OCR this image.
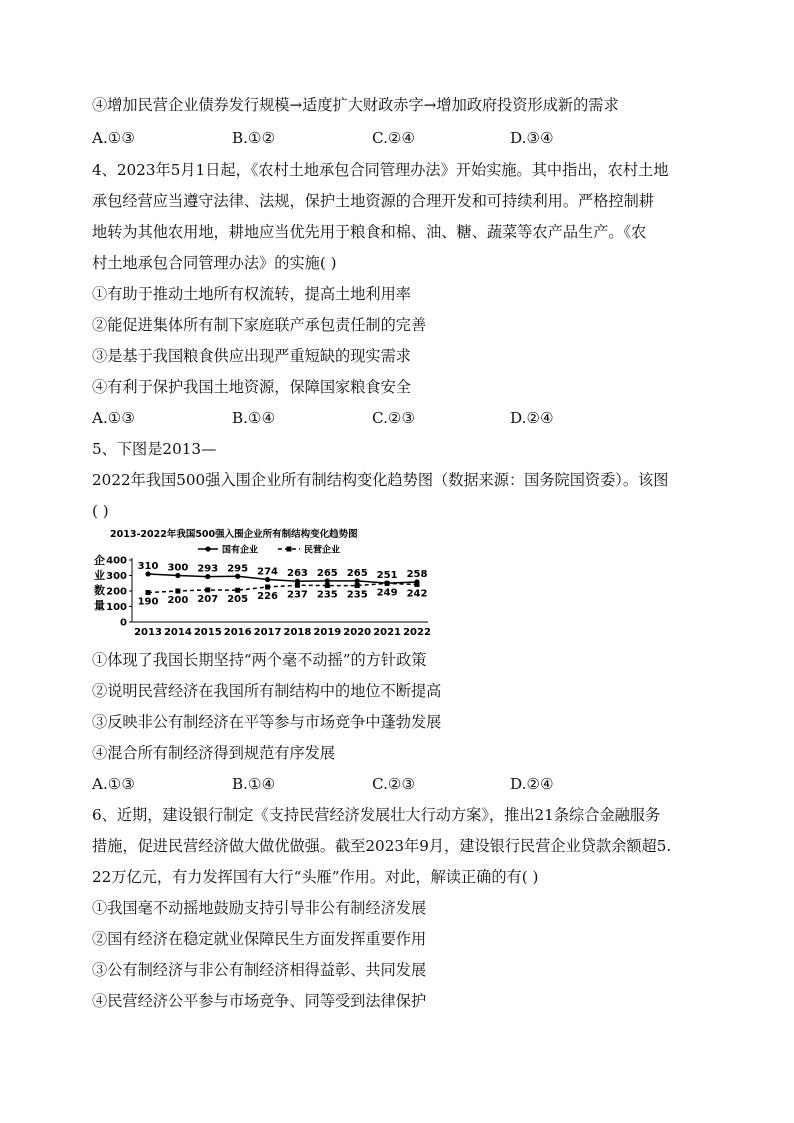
④增加民营企业债券发行规模→适度扩大财政赤字→增加政府投资形成新的需求
A.①③	B.①②	C.②④	D.③④
4、2023年5月1日起，《农村土地承包合同管理办法》开始实施。其中指出，农村土地
承包经营应当遵守法律、法规，保护土地资源的合理开发和可持续利用。严格控制耕
地转为其他农用地，耕地应当优先用于粮食和棉、油、糖、蔬菜等农产品生产。《农
村土地承包合同管理办法》的实施( )
①有助于推动土地所有权流转，提高土地利用率
②能促进集体所有制下家庭联产承包责任制的完善
③是基于我国粮食供应出现严重短缺的现实需求
④有利于保护我国土地资源，保障国家粮食安全
A.①③	B.①④	C.②③	D.②④
5、下图是2013—
2022年我国500强入围企业所有制结构变化趋势图（数据来源：国务院国资委）。该图
( )
2013-2022年我国500强入围企业所有制结构变化趋势图
企
业
数
量
0
100
200
300
400
2013 2014 2015 2016 2017 2018 2019 2020 2021 2022
国有企业	民营企业
310 300 293 295 274 263 265 265 251 258
190 200 207 205 226 237 235 235 249 242
①体现了我国长期坚持“两个毫不动摇”的方针政策
②说明民营经济在我国所有制结构中的地位不断提高
③反映非公有制经济在平等参与市场竞争中蓬勃发展
④混合所有制经济得到规范有序发展
A.①③	B.①④	C.②③	D.②④
6、近期，建设银行制定《支持民营经济发展壮大行动方案》，推出21条综合金融服务
措施，促进民营经济做大做优做强。截至2023年9月，建设银行民营企业贷款余额超5.
22万亿元，有力发挥国有大行“头雁”作用。对此，解读正确的有( )
①我国毫不动摇地鼓励支持引导非公有制经济发展
②国有经济在稳定就业保障民生方面发挥重要作用
③公有制经济与非公有制经济相得益彰、共同发展
④民营经济公平参与市场竞争、同等受到法律保护
